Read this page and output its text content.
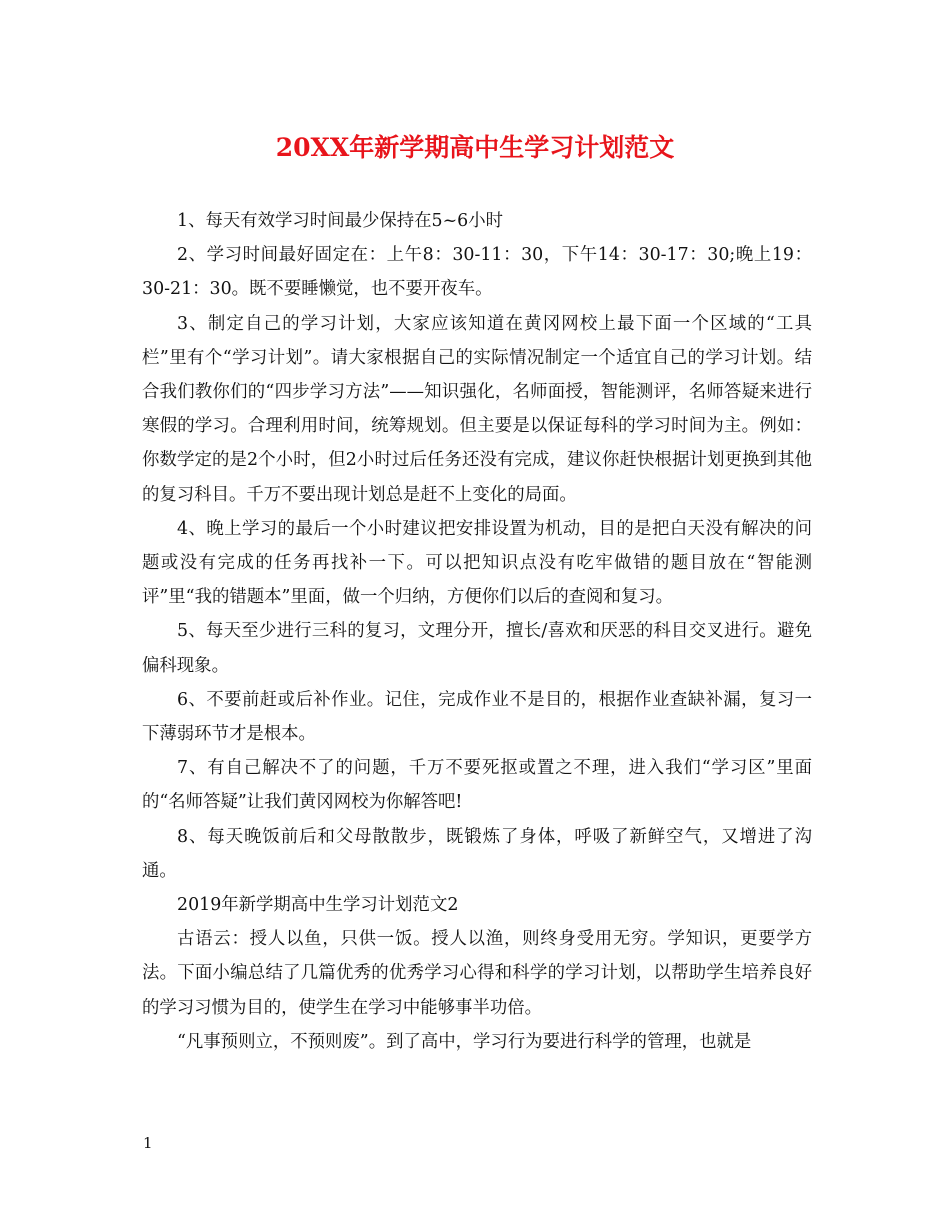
20XX年新学期高中生学习计划范文

1、每天有效学习时间最少保持在5~6小时

2、学习时间最好固定在：上午8：30-11：30，下午14：30-17：30;晚上19：30-21：30。既不要睡懒觉，也不要开夜车。

3、制定自己的学习计划，大家应该知道在黄冈网校上最下面一个区域的“工具栏”里有个“学习计划”。请大家根据自己的实际情况制定一个适宜自己的学习计划。结合我们教你们的“四步学习方法”——知识强化，名师面授，智能测评，名师答疑来进行寒假的学习。合理利用时间，统筹规划。但主要是以保证每科的学习时间为主。例如：你数学定的是2个小时，但2小时过后任务还没有完成，建议你赶快根据计划更换到其他的复习科目。千万不要出现计划总是赶不上变化的局面。

4、晚上学习的最后一个小时建议把安排设置为机动，目的是把白天没有解决的问题或没有完成的任务再找补一下。可以把知识点没有吃牢做错的题目放在“智能测评”里“我的错题本”里面，做一个归纳，方便你们以后的查阅和复习。

5、每天至少进行三科的复习，文理分开，擅长/喜欢和厌恶的科目交叉进行。避免偏科现象。

6、不要前赶或后补作业。记住，完成作业不是目的，根据作业查缺补漏，复习一下薄弱环节才是根本。

7、有自己解决不了的问题，千万不要死抠或置之不理，进入我们“学习区”里面的“名师答疑”让我们黄冈网校为你解答吧!

8、每天晚饭前后和父母散散步，既锻炼了身体，呼吸了新鲜空气，又增进了沟通。

2019年新学期高中生学习计划范文2

古语云：授人以鱼，只供一饭。授人以渔，则终身受用无穷。学知识，更要学方法。下面小编总结了几篇优秀的优秀学习心得和科学的学习计划，以帮助学生培养良好的学习习惯为目的，使学生在学习中能够事半功倍。

“凡事预则立，不预则废”。到了高中，学习行为要进行科学的管理，也就是

1
